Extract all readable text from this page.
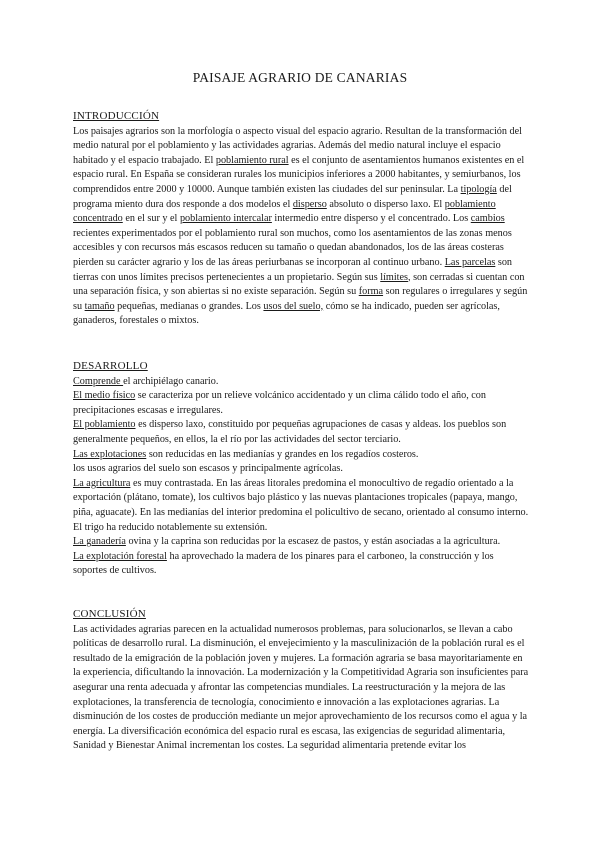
PAISAJE AGRARIO DE CANARIAS
INTRODUCCIÓN
Los paisajes agrarios son la morfología o aspecto visual del espacio agrario. Resultan de la transformación del medio natural por el poblamiento y las actividades agrarias. Además del medio natural incluye el espacio habitado y el espacio trabajado. El poblamiento rural es el conjunto de asentamientos humanos existentes en el espacio rural. En España se consideran rurales los municipios inferiores a 2000 habitantes, y semiurbanos, los comprendidos entre 2000 y 10000. Aunque también existen las ciudades del sur peninsular. La tipología del programa miento dura dos responde a dos modelos el disperso absoluto o disperso laxo. El poblamiento concentrado en el sur y el poblamiento intercalar intermedio entre disperso y el concentrado. Los cambios recientes experimentados por el poblamiento rural son muchos, como los asentamientos de las zonas menos accesibles y con recursos más escasos reducen su tamaño o quedan abandonados, los de las áreas costeras pierden su carácter agrario y los de las áreas periurbanas se incorporan al continuo urbano. Las parcelas son tierras con unos límites precisos pertenecientes a un propietario. Según sus límites, son cerradas si cuentan con una separación física, y son abiertas si no existe separación. Según su forma son regulares o irregulares y según su tamaño pequeñas, medianas o grandes. Los usos del suelo, cómo se ha indicado, pueden ser agrícolas, ganaderos, forestales o mixtos.
DESARROLLO
Comprende el archipiélago canario.
El medio físico se caracteriza por un relieve volcánico accidentado y un clima cálido todo el año, con precipitaciones escasas e irregulares.
El poblamiento es disperso laxo, constituido por pequeñas agrupaciones de casas y aldeas. los pueblos son generalmente pequeños, en ellos, la el río por las actividades del sector terciario.
Las explotaciones son reducidas en las medianías y grandes en los regadíos costeros.
los usos agrarios del suelo son escasos y principalmente agrícolas.
La agricultura es muy contrastada. En las áreas litorales predomina el monocultivo de regadío orientado a la exportación (plátano, tomate), los cultivos bajo plástico y las nuevas plantaciones tropicales (papaya, mango, piña, aguacate). En las medianías del interior predomina el policultivo de secano, orientado al consumo interno. El trigo ha reducido notablemente su extensión.
La ganadería ovina y la caprina son reducidas por la escasez de pastos, y están asociadas a la agricultura.
La explotación forestal ha aprovechado la madera de los pinares para el carboneo, la construcción y los soportes de cultivos.
CONCLUSIÓN
Las actividades agrarias parecen en la actualidad numerosos problemas, para solucionarlos, se llevan a cabo políticas de desarrollo rural. La disminución, el envejecimiento y la masculinización de la población rural es el resultado de la emigración de la población joven y mujeres. La formación agraria se basa mayoritariamente en la experiencia, dificultando la innovación. La modernización y la Competitividad Agraria son insuficientes para asegurar una renta adecuada y afrontar las competencias mundiales. La reestructuración y la mejora de las explotaciones, la transferencia de tecnología, conocimiento e innovación a las explotaciones agrarias. La disminución de los costes de producción mediante un mejor aprovechamiento de los recursos como el agua y la energía. La diversificación económica del espacio rural es escasa, las exigencias de seguridad alimentaria, Sanidad y Bienestar Animal incrementan los costes. La seguridad alimentaria pretende evitar los
